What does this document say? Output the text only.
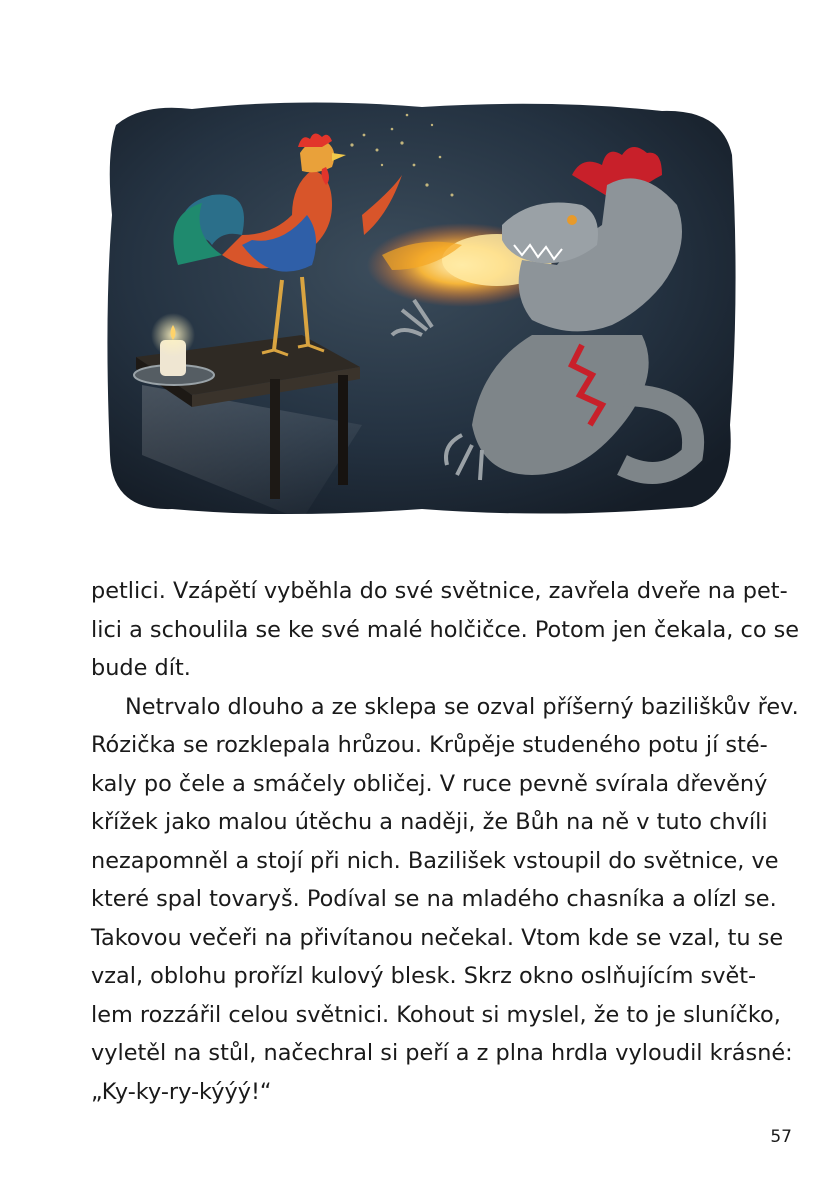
petlici. Vzápětí vyběhla do své světnice, zavřela dveře na pet-
lici a schoulila se ke své malé holčičce. Potom jen čekala, co se
bude dít.

Netrvalo dlouho a ze sklepa se ozval příšerný baziliškův řev.
Rózička se rozklepala hrůzou. Krůpěje studeného potu jí sté-
kaly po čele a smáčely obličej. V ruce pevně svírala dřevěný
křížek jako malou útěchu a naději, že Bůh na ně v tuto chvíli
nezapomněl a stojí při nich. Bazilišek vstoupil do světnice, ve
které spal tovaryš. Podíval se na mladého chasníka a olízl se.
Takovou večeři na přivítanou nečekal. Vtom kde se vzal, tu se
vzal, oblohu prořízl kulový blesk. Skrz okno oslňujícím svět-
lem rozzářil celou světnici. Kohout si myslel, že to je sluníčko,
vyletěl na stůl, načechral si peří a z plna hrdla vyloudil krásné:
„Ky-ky-ry-kýýý!“

57
